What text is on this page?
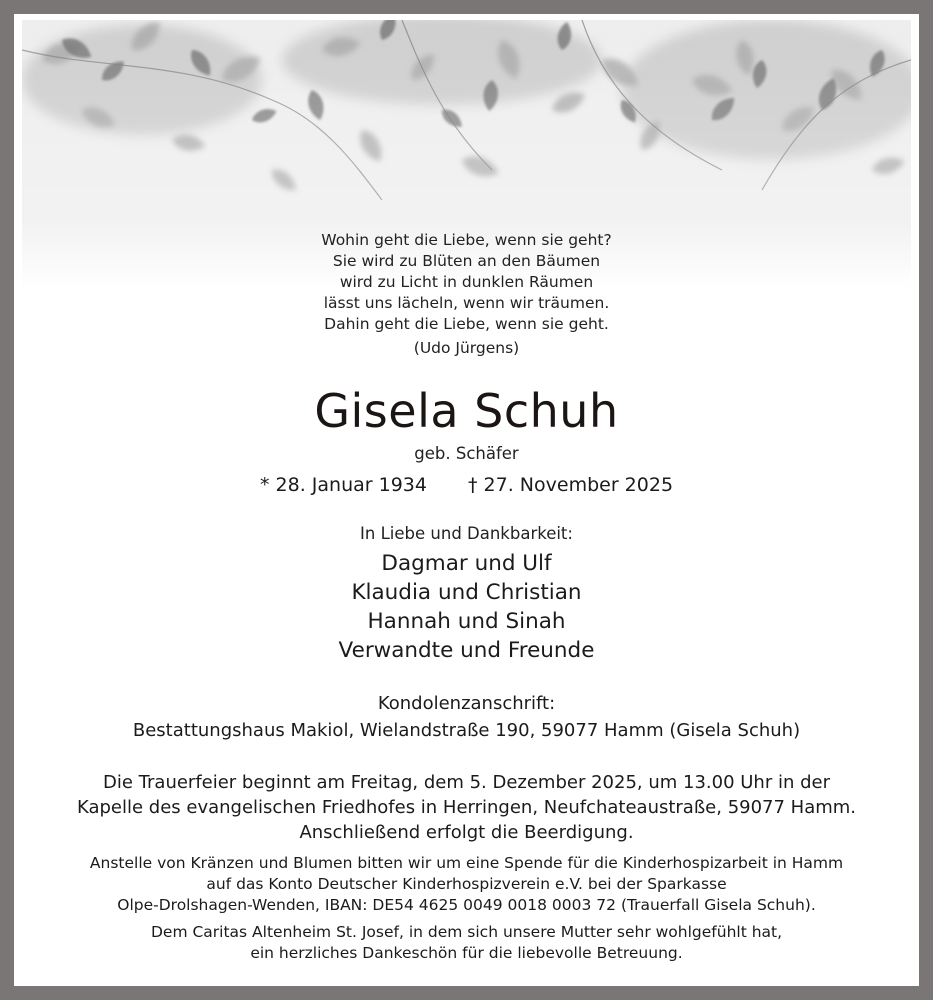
Wohin geht die Liebe, wenn sie geht?
Sie wird zu Blüten an den Bäumen
wird zu Licht in dunklen Räumen
lässt uns lächeln, wenn wir träumen.
Dahin geht die Liebe, wenn sie geht.
(Udo Jürgens)
Gisela Schuh
geb. Schäfer
* 28. Januar 1934 † 27. November 2025
In Liebe und Dankbarkeit:
Dagmar und Ulf
Klaudia und Christian
Hannah und Sinah
Verwandte und Freunde
Kondolenzanschrift:
Bestattungshaus Makiol, Wielandstraße 190, 59077 Hamm (Gisela Schuh)
Die Trauerfeier beginnt am Freitag, dem 5. Dezember 2025, um 13.00 Uhr in der
Kapelle des evangelischen Friedhofes in Herringen, Neufchateaustraße, 59077 Hamm.
Anschließend erfolgt die Beerdigung.
Anstelle von Kränzen und Blumen bitten wir um eine Spende für die Kinderhospizarbeit in Hamm
auf das Konto Deutscher Kinderhospizverein e.V. bei der Sparkasse
Olpe-Drolshagen-Wenden, IBAN: DE54 4625 0049 0018 0003 72 (Trauerfall Gisela Schuh).
Dem Caritas Altenheim St. Josef, in dem sich unsere Mutter sehr wohlgefühlt hat,
ein herzliches Dankeschön für die liebevolle Betreuung.
